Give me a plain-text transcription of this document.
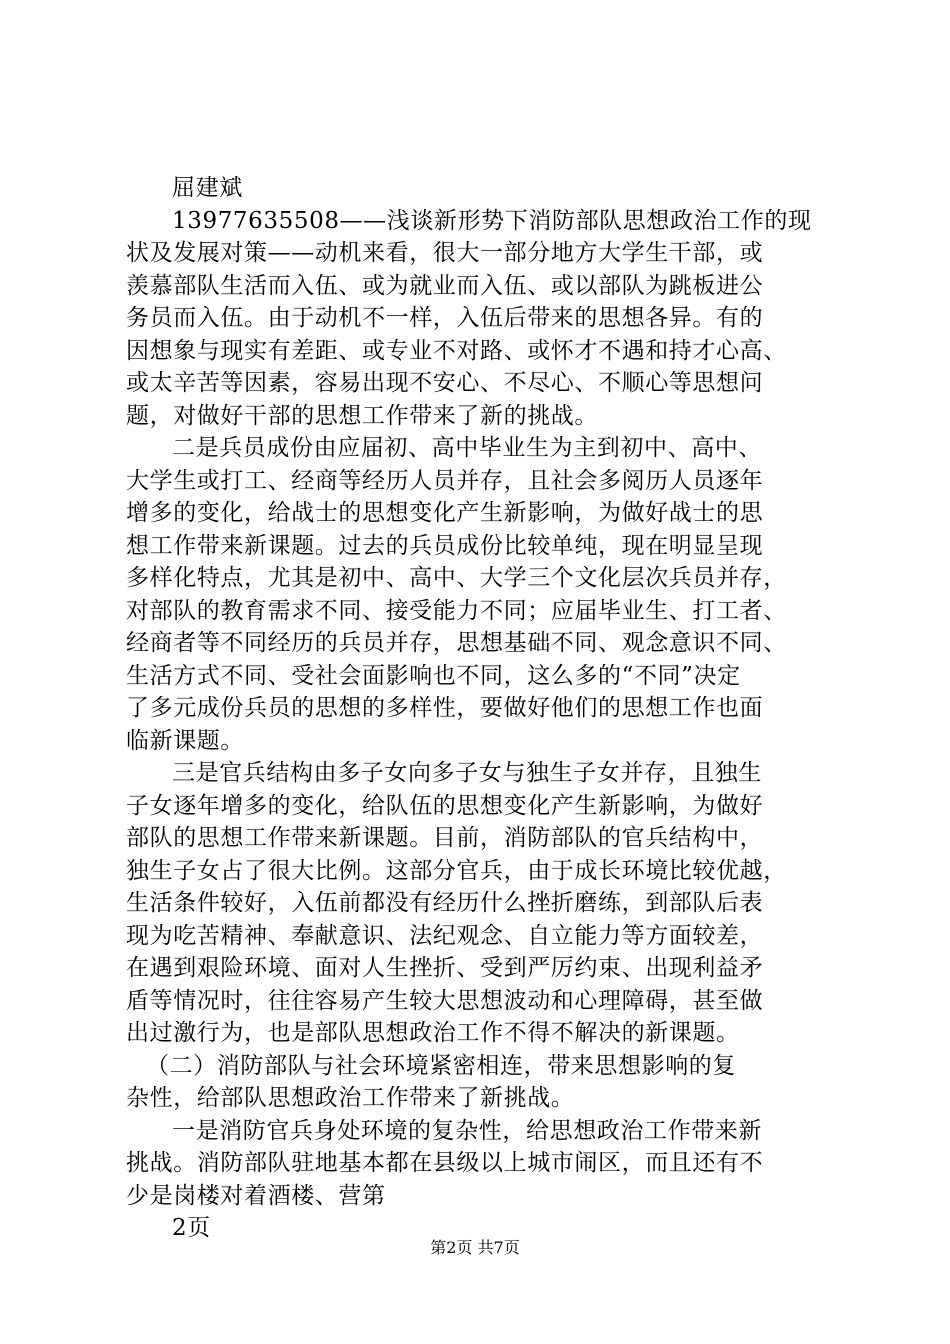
屈建斌
13977635508——浅谈新形势下消防部队思想政治工作的现
状及发展对策——动机来看，很大一部分地方大学生干部，或
羡慕部队生活而入伍、或为就业而入伍、或以部队为跳板进公
务员而入伍。由于动机不一样，入伍后带来的思想各异。有的
因想象与现实有差距、或专业不对路、或怀才不遇和持才心高、
或太辛苦等因素，容易出现不安心、不尽心、不顺心等思想问
题，对做好干部的思想工作带来了新的挑战。
二是兵员成份由应届初、高中毕业生为主到初中、高中、
大学生或打工、经商等经历人员并存，且社会多阅历人员逐年
增多的变化，给战士的思想变化产生新影响，为做好战士的思
想工作带来新课题。过去的兵员成份比较单纯，现在明显呈现
多样化特点，尤其是初中、高中、大学三个文化层次兵员并存，
对部队的教育需求不同、接受能力不同；应届毕业生、打工者、
经商者等不同经历的兵员并存，思想基础不同、观念意识不同、
生活方式不同、受社会面影响也不同，这么多的“不同”决定
了多元成份兵员的思想的多样性，要做好他们的思想工作也面
临新课题。
三是官兵结构由多子女向多子女与独生子女并存，且独生
子女逐年增多的变化，给队伍的思想变化产生新影响，为做好
部队的思想工作带来新课题。目前，消防部队的官兵结构中，
独生子女占了很大比例。这部分官兵，由于成长环境比较优越，
生活条件较好，入伍前都没有经历什么挫折磨练，到部队后表
现为吃苦精神、奉献意识、法纪观念、自立能力等方面较差，
在遇到艰险环境、面对人生挫折、受到严厉约束、出现利益矛
盾等情况时，往往容易产生较大思想波动和心理障碍，甚至做
出过激行为，也是部队思想政治工作不得不解决的新课题。
（二）消防部队与社会环境紧密相连，带来思想影响的复
杂性，给部队思想政治工作带来了新挑战。
一是消防官兵身处环境的复杂性，给思想政治工作带来新
挑战。消防部队驻地基本都在县级以上城市闹区，而且还有不
少是岗楼对着酒楼、营第
2页
第2页 共7页
